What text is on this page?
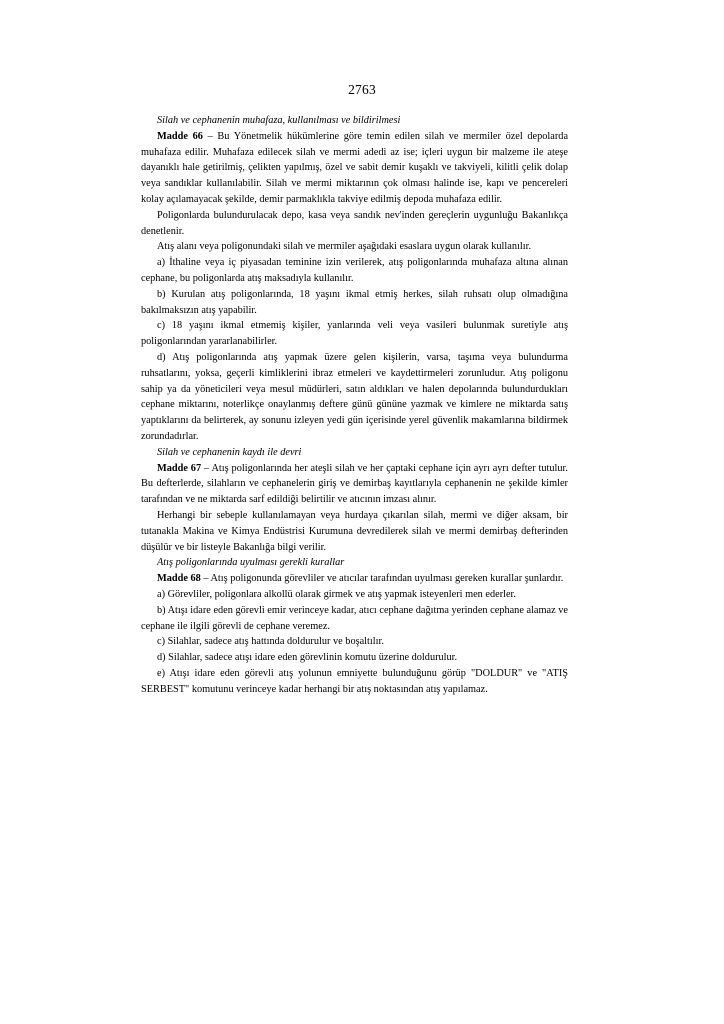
2763

Silah ve cephanenin muhafaza, kullanılması ve bildirilmesi

Madde 66 – Bu Yönetmelik hükümlerine göre temin edilen silah ve mermiler özel depolarda muhafaza edilir. Muhafaza edilecek silah ve mermi adedi az ise; içleri uygun bir malzeme ile ateşe dayanıklı hale getirilmiş, çelikten yapılmış, özel ve sabit demir kuşaklı ve takviyeli, kilitli çelik dolap veya sandıklar kullanılabilir. Silah ve mermi miktarının çok olması halinde ise, kapı ve pencereleri kolay açılamayacak şekilde, demir parmaklıkla takviye edilmiş depoda muhafaza edilir.

Poligonlarda bulundurulacak depo, kasa veya sandık nev'inden gereçlerin uygunluğu Bakanlıkça denetlenir.

Atış alanı veya poligonundaki silah ve mermiler aşağıdaki esaslara uygun olarak kullanılır.

a) İthaline veya iç piyasadan teminine izin verilerek, atış poligonlarında muhafaza altına alınan cephane, bu poligonlarda atış maksadıyla kullanılır.

b) Kurulan atış poligonlarında, 18 yaşını ikmal etmiş herkes, silah ruhsatı olup olmadığına bakılmaksızın atış yapabilir.

c) 18 yaşını ikmal etmemiş kişiler, yanlarında veli veya vasileri bulunmak suretiyle atış poligonlarından yararlanabilirler.

d) Atış poligonlarında atış yapmak üzere gelen kişilerin, varsa, taşıma veya bulundurma ruhsatlarını, yoksa, geçerli kimliklerini ibraz etmeleri ve kaydettirmeleri zorunludur. Atış poligonu sahip ya da yöneticileri veya mesul müdürleri, satın aldıkları ve halen depolarında bulundurdukları cephane miktarını, noterlikçe onaylanmış deftere günü gününe yazmak ve kimlere ne miktarda satış yaptıklarını da belirterek, ay sonunu izleyen yedi gün içerisinde yerel güvenlik makamlarına bildirmek zorundadırlar.

Silah ve cephanenin kaydı ile devri

Madde 67 – Atış poligonlarında her ateşli silah ve her çaptaki cephane için ayrı ayrı defter tutulur. Bu defterlerde, silahların ve cephanelerin giriş ve demirbaş kayıtlarıyla cephanenin ne şekilde kimler tarafından ve ne miktarda sarf edildiği belirtilir ve atıcının imzası alınır.

Herhangi bir sebeple kullanılamayan veya hurdaya çıkarılan silah, mermi ve diğer aksam, bir tutanakla Makina ve Kimya Endüstrisi Kurumuna devredilerek silah ve mermi demirbaş defterinden düşülür ve bir listeyle Bakanlığa bilgi verilir.

Atış poligonlarında uyulması gerekli kurallar

Madde 68 – Atış poligonunda görevliler ve atıcılar tarafından uyulması gereken kurallar şunlardır.

a) Görevliler, poligonlara alkollü olarak girmek ve atış yapmak isteyenleri men ederler.

b) Atışı idare eden görevli emir verinceye kadar, atıcı cephane dağıtma yerinden cephane alamaz ve cephane ile ilgili görevli de cephane veremez.

c) Silahlar, sadece atış hattında doldurulur ve boşaltılır.

d) Silahlar, sadece atışı idare eden görevlinin komutu üzerine doldurulur.

e) Atışı idare eden görevli atış yolunun emniyette bulunduğunu görüp "DOLDUR" ve "ATIŞ SERBEST" komutunu verinceye kadar herhangi bir atış noktasından atış yapılamaz.
